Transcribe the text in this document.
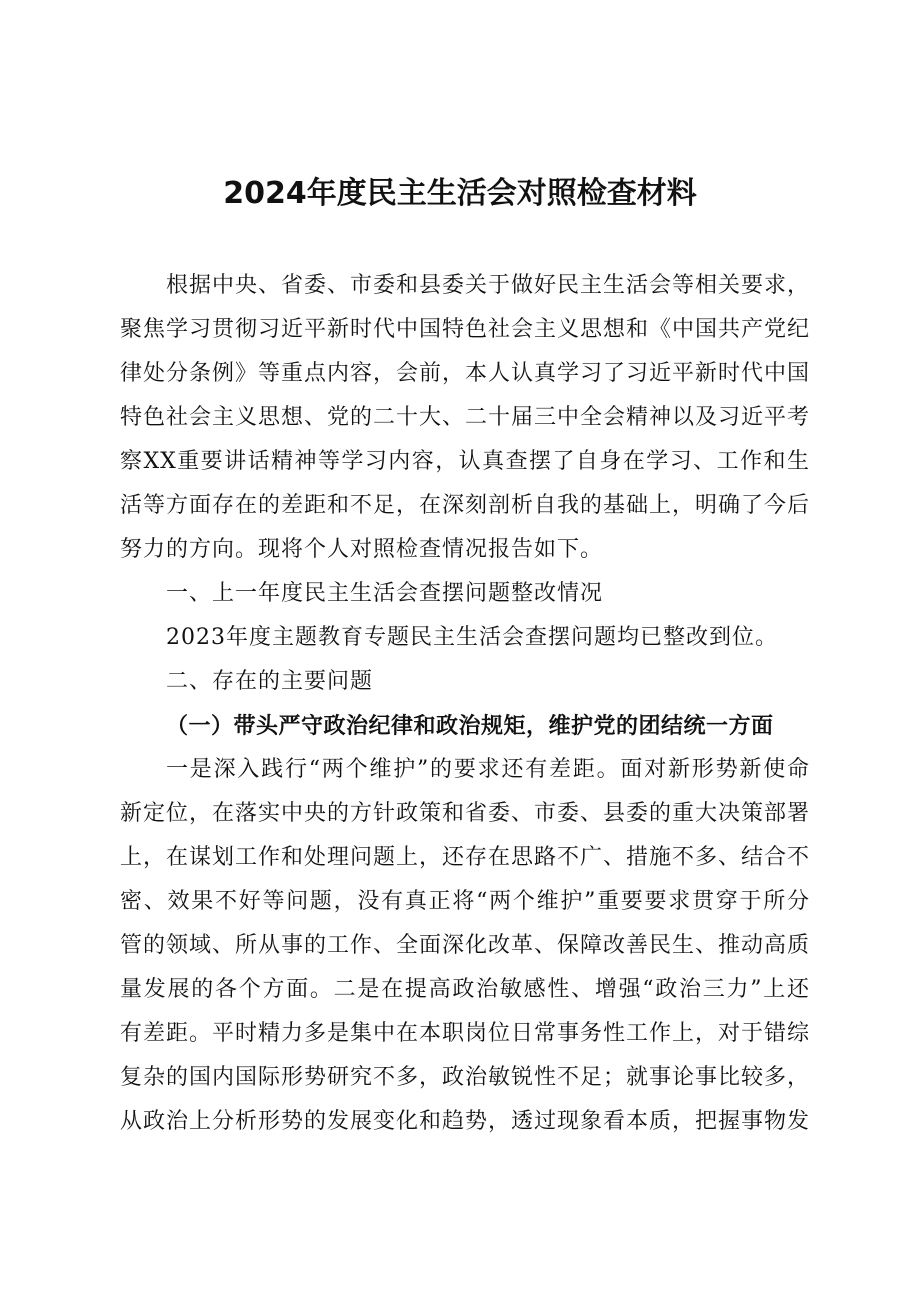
2024年度民主生活会对照检查材料

根据中央、省委、市委和县委关于做好民主生活会等相关要求，聚焦学习贯彻习近平新时代中国特色社会主义思想和《中国共产党纪律处分条例》等重点内容，会前，本人认真学习了习近平新时代中国特色社会主义思想、党的二十大、二十届三中全会精神以及习近平考察XX重要讲话精神等学习内容，认真查摆了自身在学习、工作和生活等方面存在的差距和不足，在深刻剖析自我的基础上，明确了今后努力的方向。现将个人对照检查情况报告如下。

一、上一年度民主生活会查摆问题整改情况

2023年度主题教育专题民主生活会查摆问题均已整改到位。

二、存在的主要问题

（一）带头严守政治纪律和政治规矩，维护党的团结统一方面

一是深入践行“两个维护”的要求还有差距。面对新形势新使命新定位，在落实中央的方针政策和省委、市委、县委的重大决策部署上，在谋划工作和处理问题上，还存在思路不广、措施不多、结合不密、效果不好等问题，没有真正将“两个维护”重要要求贯穿于所分管的领域、所从事的工作、全面深化改革、保障改善民生、推动高质量发展的各个方面。二是在提高政治敏感性、增强“政治三力”上还有差距。平时精力多是集中在本职岗位日常事务性工作上，对于错综复杂的国内国际形势研究不多，政治敏锐性不足；就事论事比较多，从政治上分析形势的发展变化和趋势，透过现象看本质，把握事物发
